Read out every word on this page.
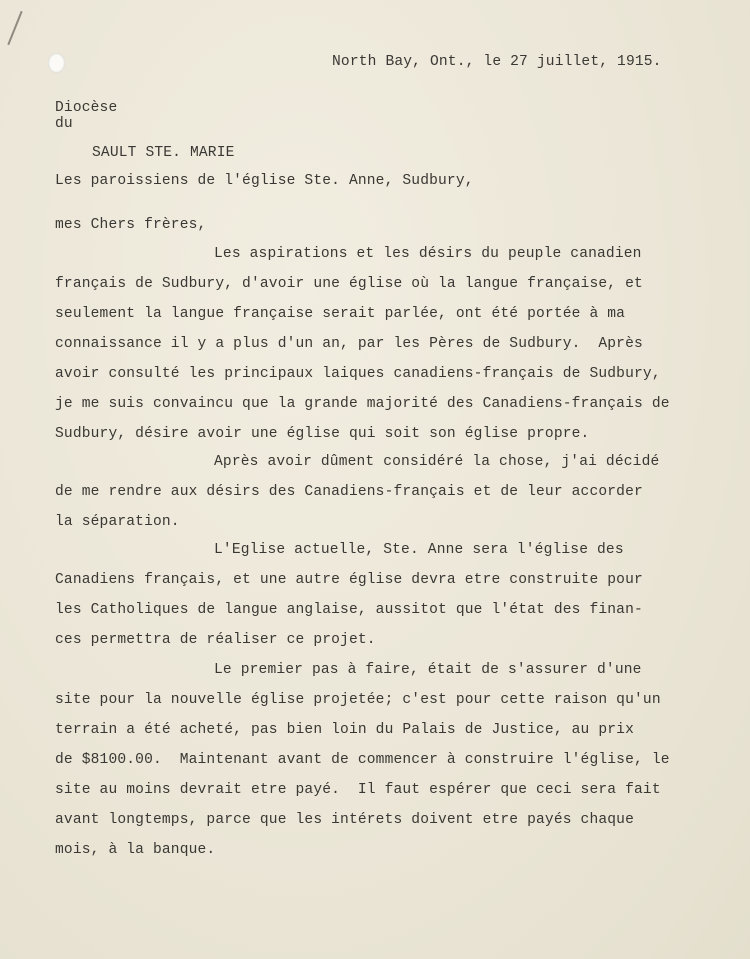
North Bay, Ont., le 27 juillet, 1915.
Diocèse
du
SAULT STE. MARIE
Les paroissiens de l'église Ste. Anne, Sudbury,
mes Chers frères,
Les aspirations et les désirs du peuple canadien
français de Sudbury, d'avoir une église où la langue française, et
seulement la langue française serait parlée, ont été portée à ma
connaissance il y a plus d'un an, par les Pères de Sudbury.  Après
avoir consulté les principaux laiques canadiens-français de Sudbury,
je me suis convaincu que la grande majorité des Canadiens-français de
Sudbury, désire avoir une église qui soit son église propre.
Après avoir dûment considéré la chose, j'ai décidé
de me rendre aux désirs des Canadiens-français et de leur accorder
la séparation.
L'Eglise actuelle, Ste. Anne sera l'église des
Canadiens français, et une autre église devra etre construite pour
les Catholiques de langue anglaise, aussitot que l'état des finan-
ces permettra de réaliser ce projet.
Le premier pas à faire, était de s'assurer d'une
site pour la nouvelle église projetée; c'est pour cette raison qu'un
terrain a été acheté, pas bien loin du Palais de Justice, au prix
de $8100.00.  Maintenant avant de commencer à construire l'église, le
site au moins devrait etre payé.  Il faut espérer que ceci sera fait
avant longtemps, parce que les intérets doivent etre payés chaque
mois, à la banque.
